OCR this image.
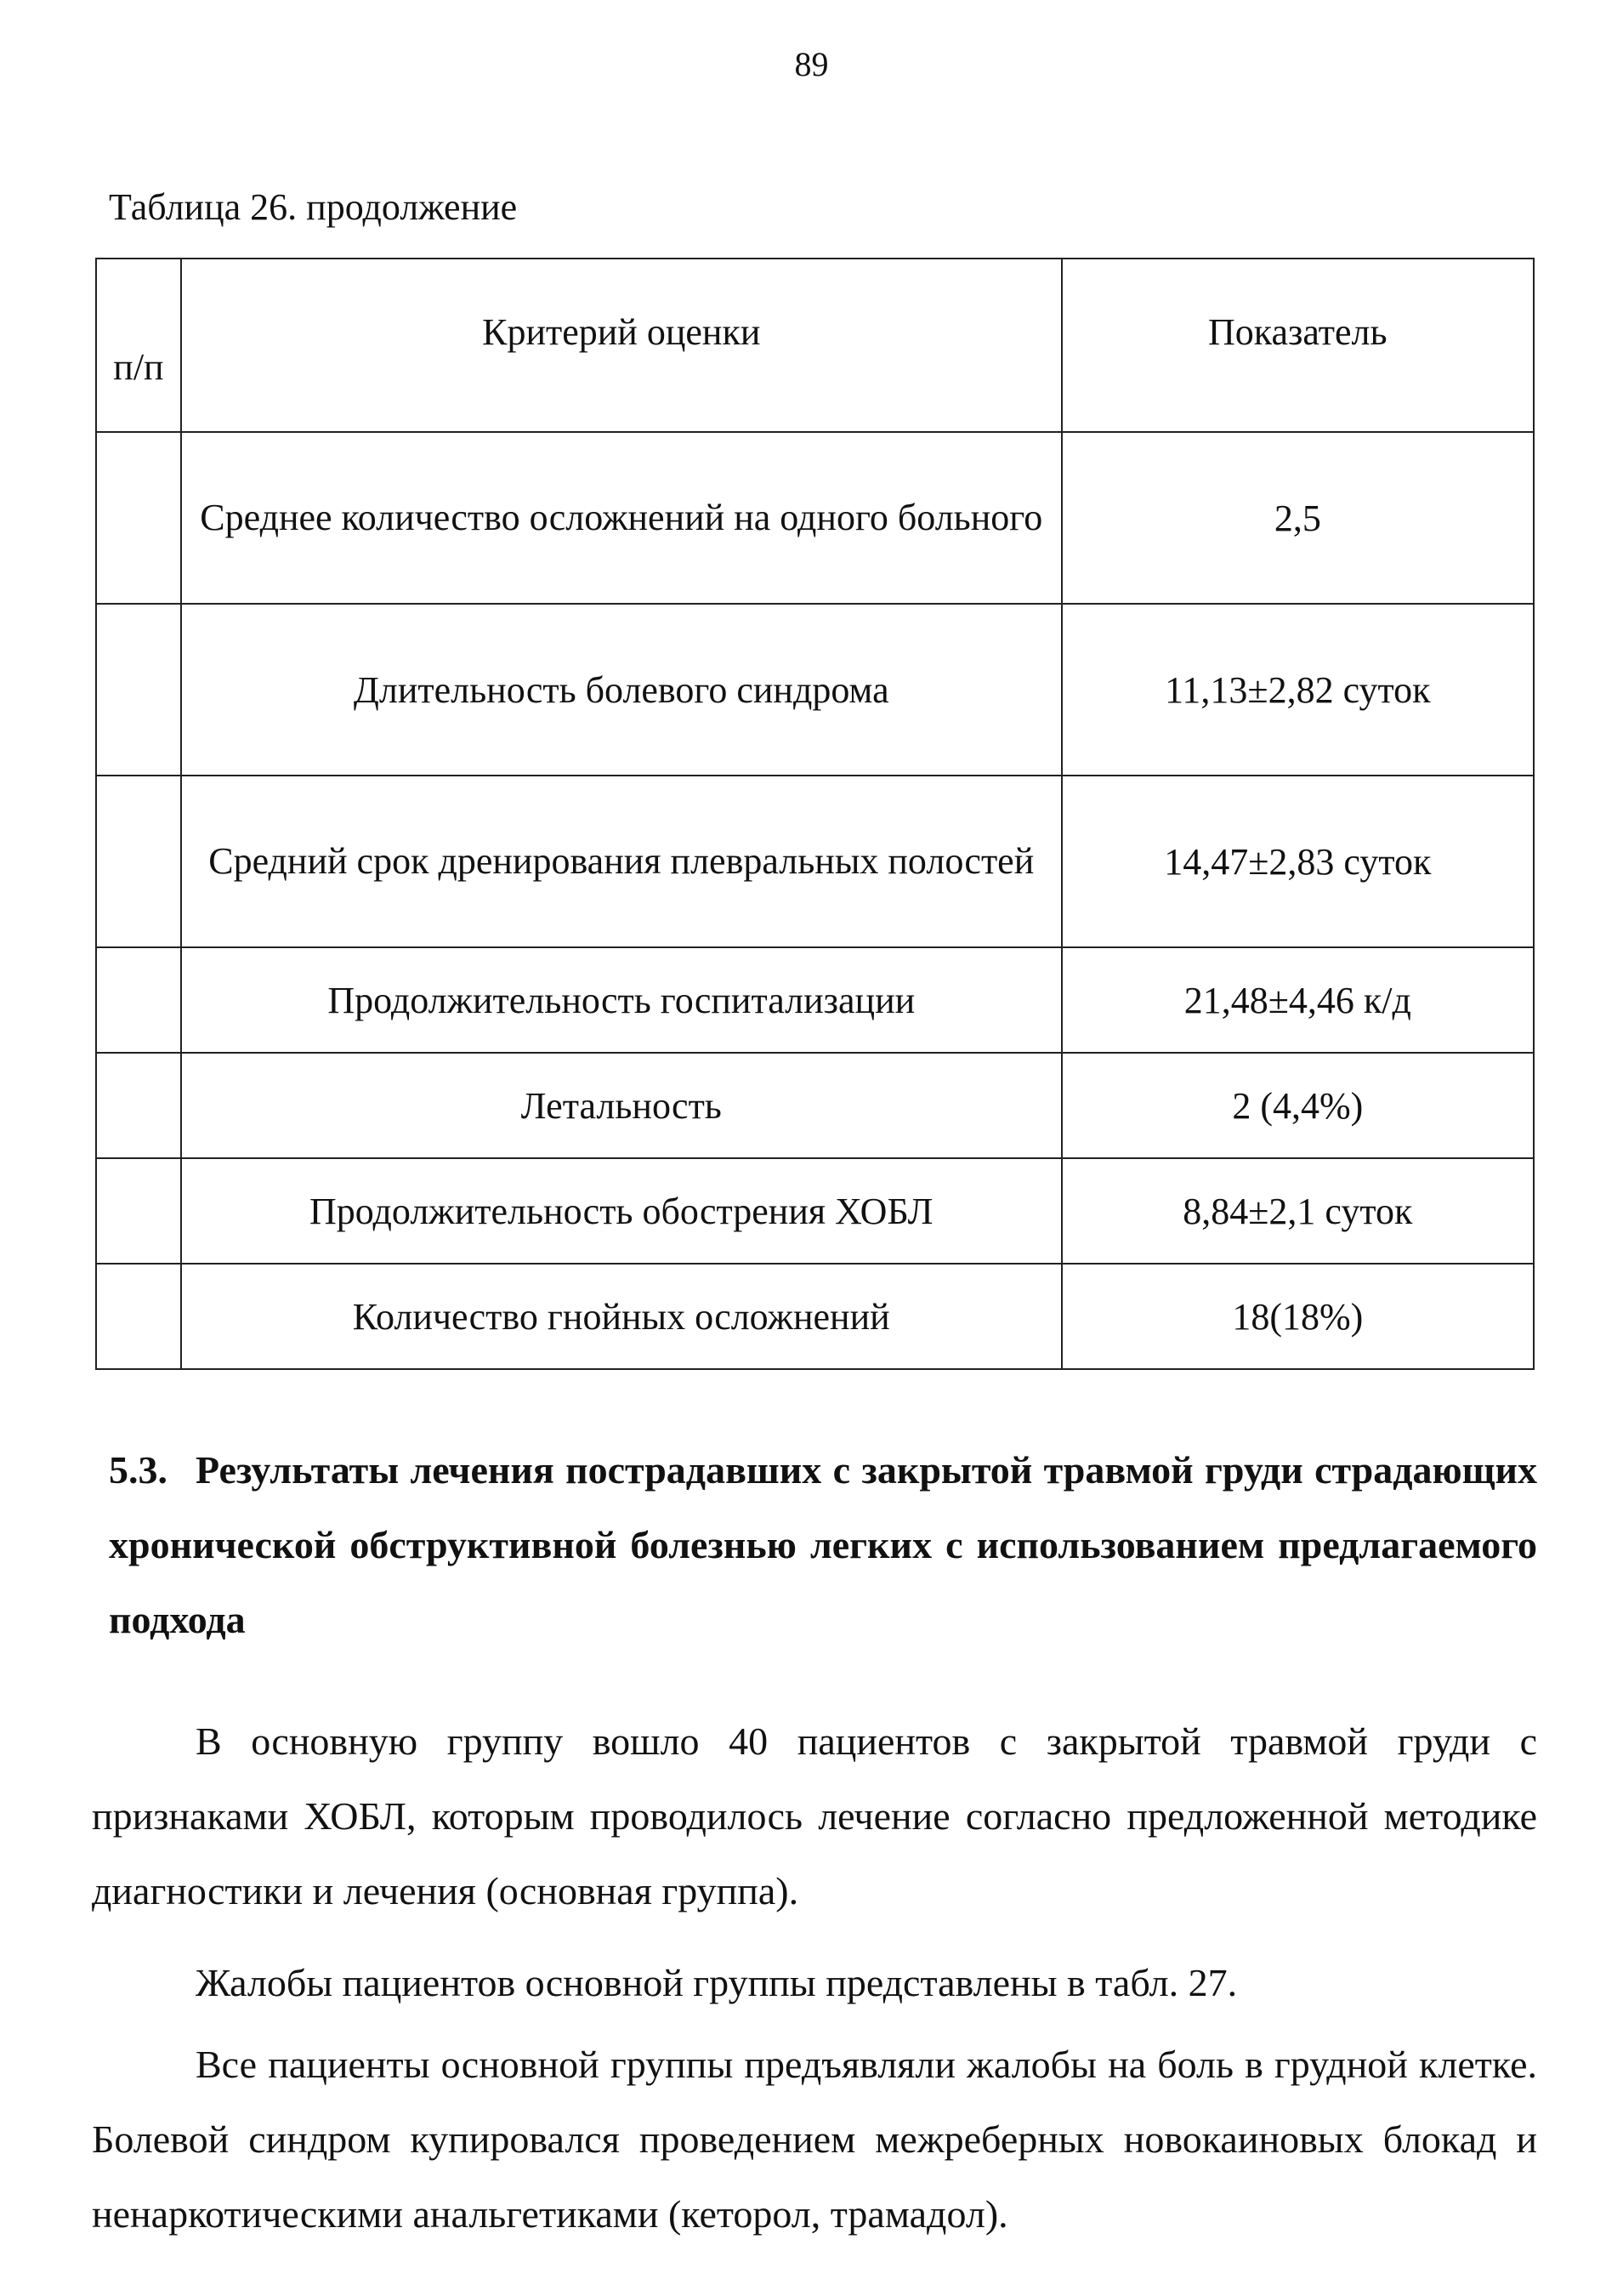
89
Таблица 26. продолжение
п/п	Критерий оценки	Показатель
	Среднее количество осложнений на одного больного	2,5
	Длительность болевого синдрома	11,13±2,82 суток
	Средний срок дренирования плевральных полостей	14,47±2,83 суток
	Продолжительность госпитализации	21,48±4,46 к/д
	Летальность	2 (4,4%)
	Продолжительность обострения ХОБЛ	8,84±2,1 суток
	Количество гнойных осложнений	18(18%)
5.3. Результаты лечения пострадавших с закрытой травмой груди страдающих хронической обструктивной болезнью легких с использованием предлагаемого подхода

В основную группу вошло 40 пациентов с закрытой травмой груди с признаками ХОБЛ, которым проводилось лечение согласно предложенной методике диагностики и лечения (основная группа).

Жалобы пациентов основной группы представлены в табл. 27.

Все пациенты основной группы предъявляли жалобы на боль в грудной клетке. Болевой синдром купировался проведением межреберных новокаиновых блокад и ненаркотическими анальгетиками (кеторол, трамадол).
